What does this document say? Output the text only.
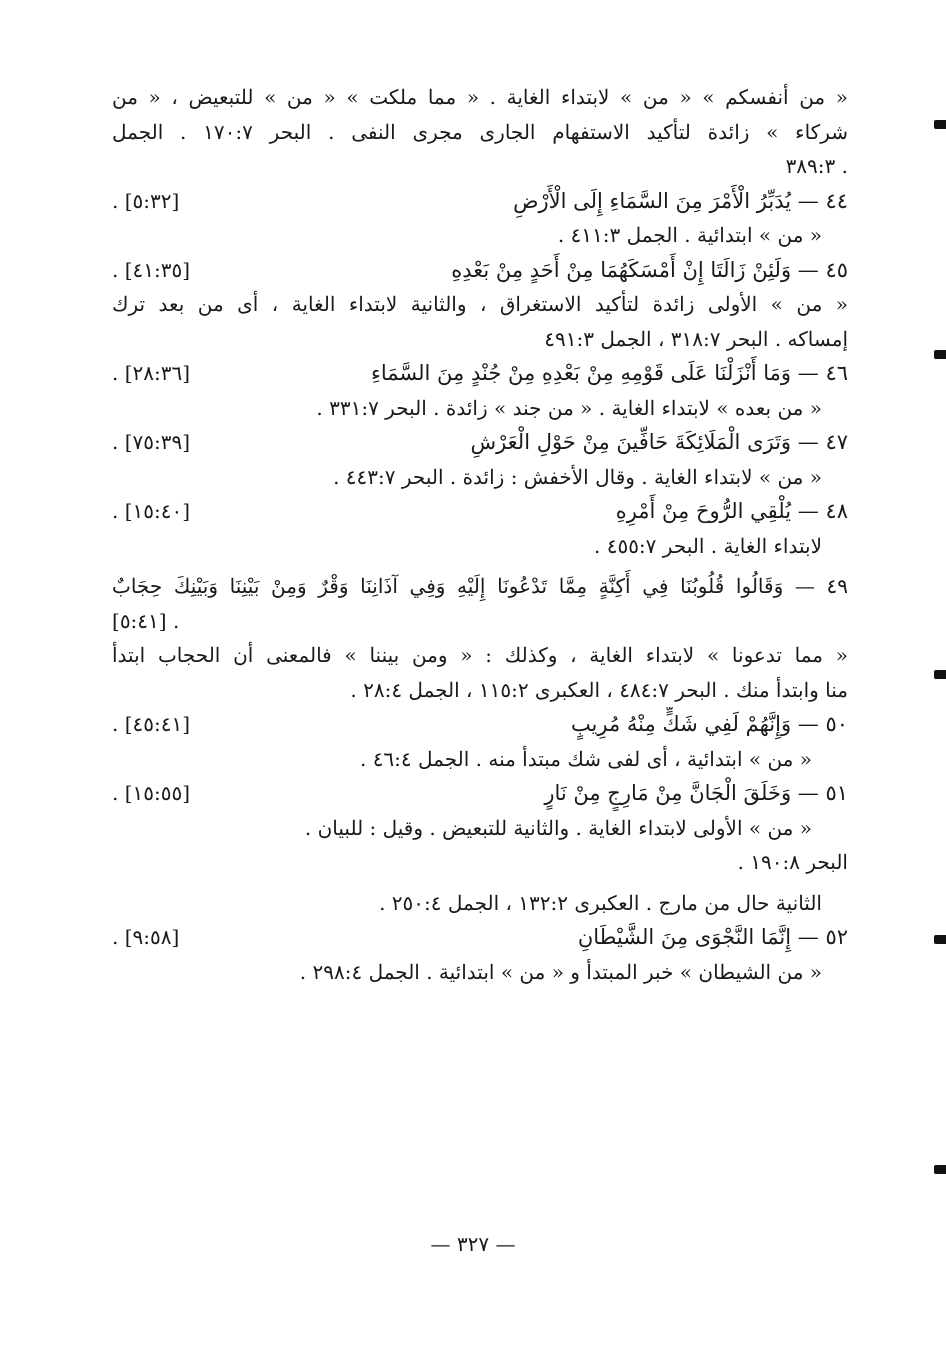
« من أنفسكم » « من » لابتداء الغاية . « مما ملكت » « من » للتبعيض ، « من
شركاء » زائدة لتأكيد الاستفهام الجارى مجرى النفى . البحر ١٧٠:٧ . الجمل
. ٣٨٩:٣
٤٤ — يُدَبِّرُ الْأَمْرَ مِنَ السَّمَاءِ إِلَى الْأَرْضِ
[٥:٣٢] .
« من » ابتدائية . الجمل ٤١١:٣ .
٤٥ — وَلَئِنْ زَالَتَا إِنْ أَمْسَكَهُمَا مِنْ أَحَدٍ مِنْ بَعْدِهِ
[٤١:٣٥] .
« من » الأولى زائدة لتأكيد الاستغراق ، والثانية لابتداء الغاية ، أى من بعد ترك
إمساكه . البحر ٣١٨:٧ ، الجمل ٤٩١:٣
٤٦ — وَمَا أَنْزَلْنَا عَلَى قَوْمِهِ مِنْ بَعْدِهِ مِنْ جُنْدٍ مِنَ السَّمَاءِ
[٢٨:٣٦] .
« من بعده » لابتداء الغاية . « من جند » زائدة . البحر ٣٣١:٧ .
٤٧ — وَتَرَى الْمَلَائِكَةَ حَافِّينَ مِنْ حَوْلِ الْعَرْشِ
[٧٥:٣٩] .
« من » لابتداء الغاية . وقال الأخفش : زائدة . البحر ٤٤٣:٧ .
٤٨ — يُلْقِي الرُّوحَ مِنْ أَمْرِهِ
[١٥:٤٠] .
لابتداء الغاية . البحر ٤٥٥:٧ .
٤٩ — وَقَالُوا قُلُوبُنَا فِي أَكِنَّةٍ مِمَّا تَدْعُونَا إِلَيْهِ وَفِي آذَانِنَا وَقْرٌ وَمِنْ بَيْنِنَا وَبَيْنِكَ حِجَابٌ
. [٥:٤١]
« مما تدعونا » لابتداء الغاية ، وكذلك : « ومن بيننا » فالمعنى أن الحجاب ابتدأ
منا وابتدأ منك . البحر ٤٨٤:٧ ، العكبرى ١١٥:٢ ، الجمل ٢٨:٤ .
٥٠ — وَإِنَّهُمْ لَفِي شَكٍّ مِنْهُ مُرِيبٍ
[٤٥:٤١] .
« من » ابتدائية ، أى لفى شك مبتدأ منه . الجمل ٤٦:٤ .
٥١ — وَخَلَقَ الْجَانَّ مِنْ مَارِجٍ مِنْ نَارٍ
[١٥:٥٥] .
« من » الأولى لابتداء الغاية . والثانية للتبعيض . وقيل : للبيان .
البحر ١٩٠:٨ .
الثانية حال من مارج . العكبرى ١٣٢:٢ ، الجمل ٢٥٠:٤ .
٥٢ — إِنَّمَا النَّجْوَى مِنَ الشَّيْطَانِ
[٩:٥٨] .
« من الشيطان » خبر المبتدأ و « من » ابتدائية . الجمل ٢٩٨:٤ .
— ٣٢٧ —
